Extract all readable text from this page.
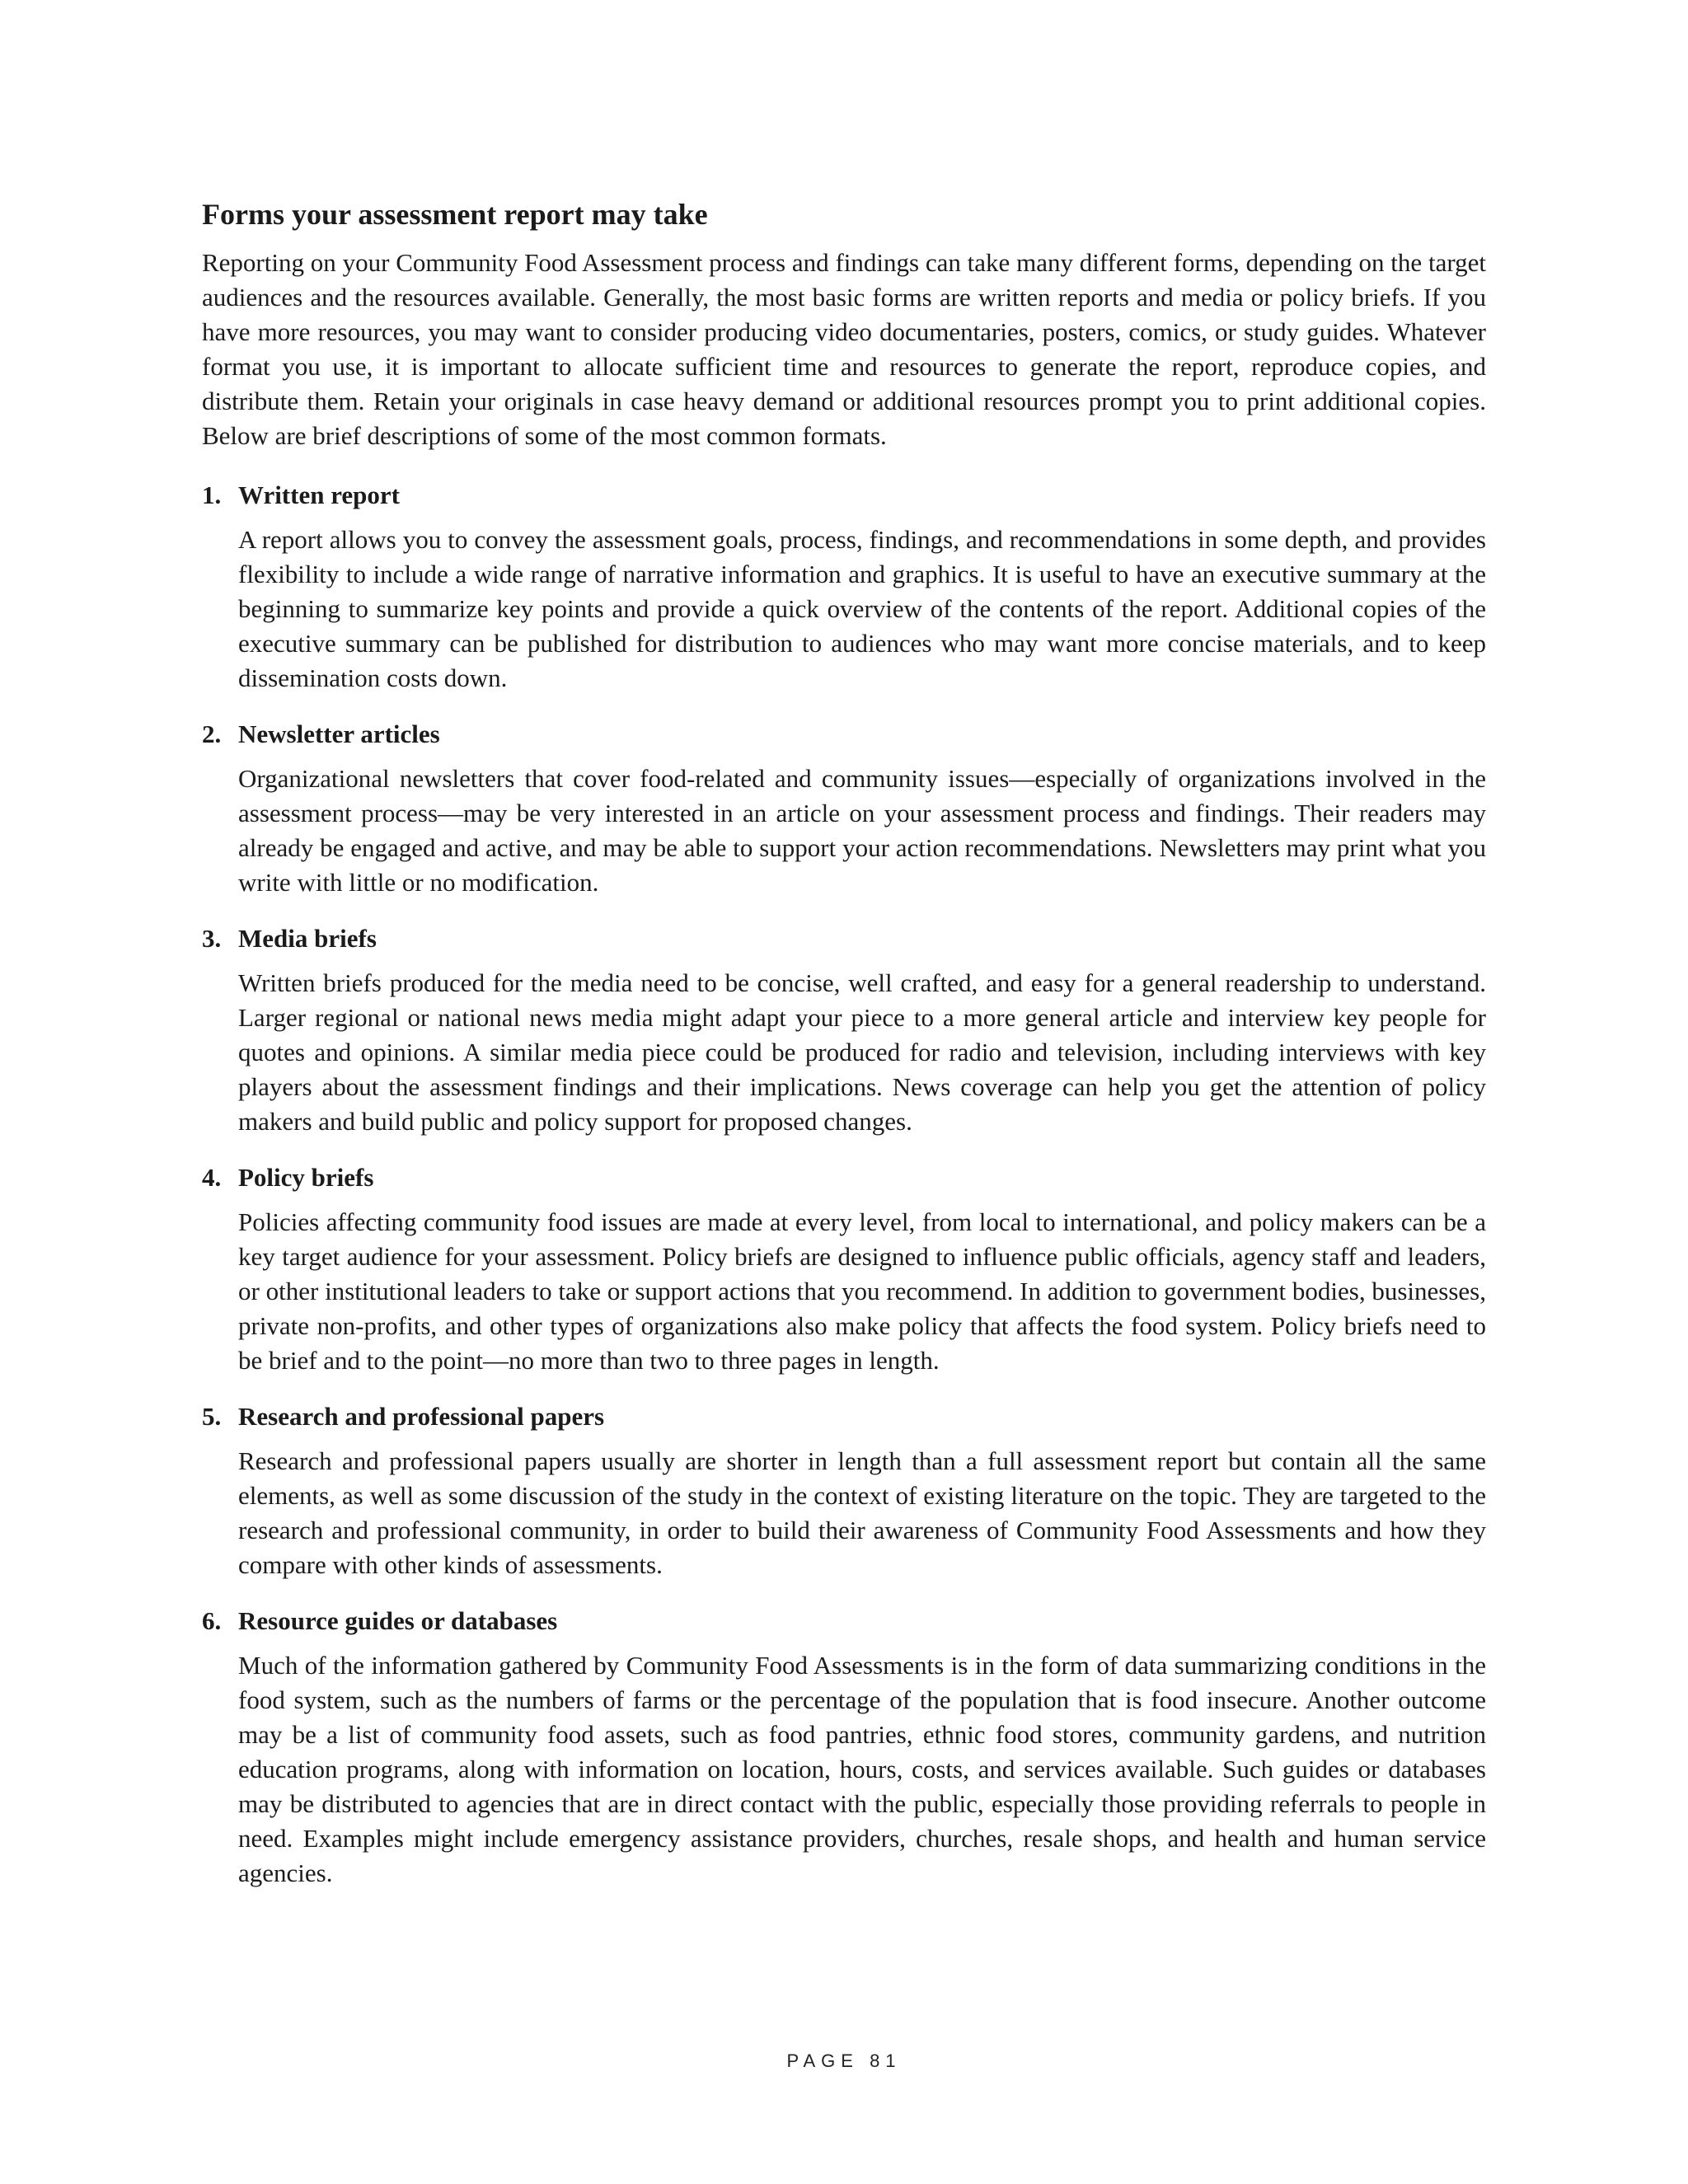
Forms your assessment report may take

Reporting on your Community Food Assessment process and findings can take many different forms, depending on the target audiences and the resources available. Generally, the most basic forms are written reports and media or policy briefs. If you have more resources, you may want to consider producing video documentaries, posters, comics, or study guides. Whatever format you use, it is important to allocate sufficient time and resources to generate the report, reproduce copies, and distribute them. Retain your originals in case heavy demand or additional resources prompt you to print additional copies. Below are brief descriptions of some of the most common formats.

1. Written report

A report allows you to convey the assessment goals, process, findings, and recommendations in some depth, and provides flexibility to include a wide range of narrative information and graphics. It is useful to have an executive summary at the beginning to summarize key points and provide a quick overview of the contents of the report. Additional copies of the executive summary can be published for distribution to audiences who may want more concise materials, and to keep dissemination costs down.

2. Newsletter articles

Organizational newsletters that cover food-related and community issues—especially of organizations involved in the assessment process—may be very interested in an article on your assessment process and findings. Their readers may already be engaged and active, and may be able to support your action recommendations. Newsletters may print what you write with little or no modification.

3. Media briefs

Written briefs produced for the media need to be concise, well crafted, and easy for a general readership to understand. Larger regional or national news media might adapt your piece to a more general article and interview key people for quotes and opinions. A similar media piece could be produced for radio and television, including interviews with key players about the assessment findings and their implications. News coverage can help you get the attention of policy makers and build public and policy support for proposed changes.

4. Policy briefs

Policies affecting community food issues are made at every level, from local to international, and policy makers can be a key target audience for your assessment. Policy briefs are designed to influence public officials, agency staff and leaders, or other institutional leaders to take or support actions that you recommend. In addition to government bodies, businesses, private non-profits, and other types of organizations also make policy that affects the food system. Policy briefs need to be brief and to the point—no more than two to three pages in length.

5. Research and professional papers

Research and professional papers usually are shorter in length than a full assessment report but contain all the same elements, as well as some discussion of the study in the context of existing literature on the topic. They are targeted to the research and professional community, in order to build their awareness of Community Food Assessments and how they compare with other kinds of assessments.

6. Resource guides or databases

Much of the information gathered by Community Food Assessments is in the form of data summarizing conditions in the food system, such as the numbers of farms or the percentage of the population that is food insecure. Another outcome may be a list of community food assets, such as food pantries, ethnic food stores, community gardens, and nutrition education programs, along with information on location, hours, costs, and services available. Such guides or databases may be distributed to agencies that are in direct contact with the public, especially those providing referrals to people in need. Examples might include emergency assistance providers, churches, resale shops, and health and human service agencies.

PAGE 81
